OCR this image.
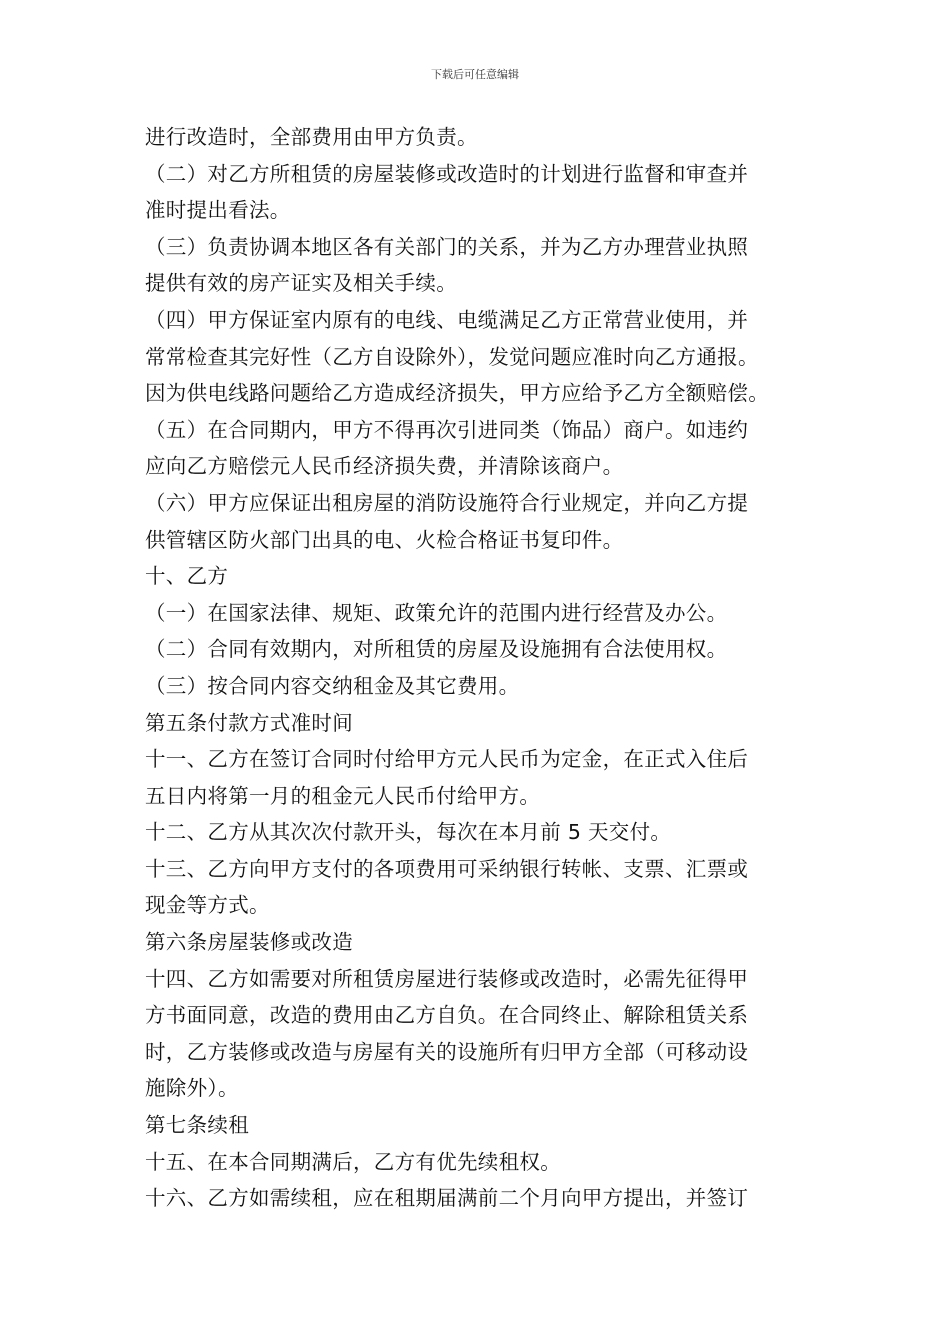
下载后可任意编辑
进行改造时，全部费用由甲方负责。
（二）对乙方所租赁的房屋装修或改造时的计划进行监督和审查并
准时提出看法。
（三）负责协调本地区各有关部门的关系，并为乙方办理营业执照
提供有效的房产证实及相关手续。
（四）甲方保证室内原有的电线、电缆满足乙方正常营业使用，并
常常检查其完好性（乙方自设除外），发觉问题应准时向乙方通报。
因为供电线路问题给乙方造成经济损失，甲方应给予乙方全额赔偿。
（五）在合同期内，甲方不得再次引进同类（饰品）商户。如违约
应向乙方赔偿元人民币经济损失费，并清除该商户。
（六）甲方应保证出租房屋的消防设施符合行业规定，并向乙方提
供管辖区防火部门出具的电、火检合格证书复印件。
十、乙方
（一）在国家法律、规矩、政策允许的范围内进行经营及办公。
（二）合同有效期内，对所租赁的房屋及设施拥有合法使用权。
（三）按合同内容交纳租金及其它费用。
第五条付款方式准时间
十一、乙方在签订合同时付给甲方元人民币为定金，在正式入住后
五日内将第一月的租金元人民币付给甲方。
十二、乙方从其次次付款开头，每次在本月前 5 天交付。
十三、乙方向甲方支付的各项费用可采纳银行转帐、支票、汇票或
现金等方式。
第六条房屋装修或改造
十四、乙方如需要对所租赁房屋进行装修或改造时，必需先征得甲
方书面同意，改造的费用由乙方自负。在合同终止、解除租赁关系
时，乙方装修或改造与房屋有关的设施所有归甲方全部（可移动设
施除外）。
第七条续租
十五、在本合同期满后，乙方有优先续租权。
十六、乙方如需续租，应在租期届满前二个月向甲方提出，并签订
